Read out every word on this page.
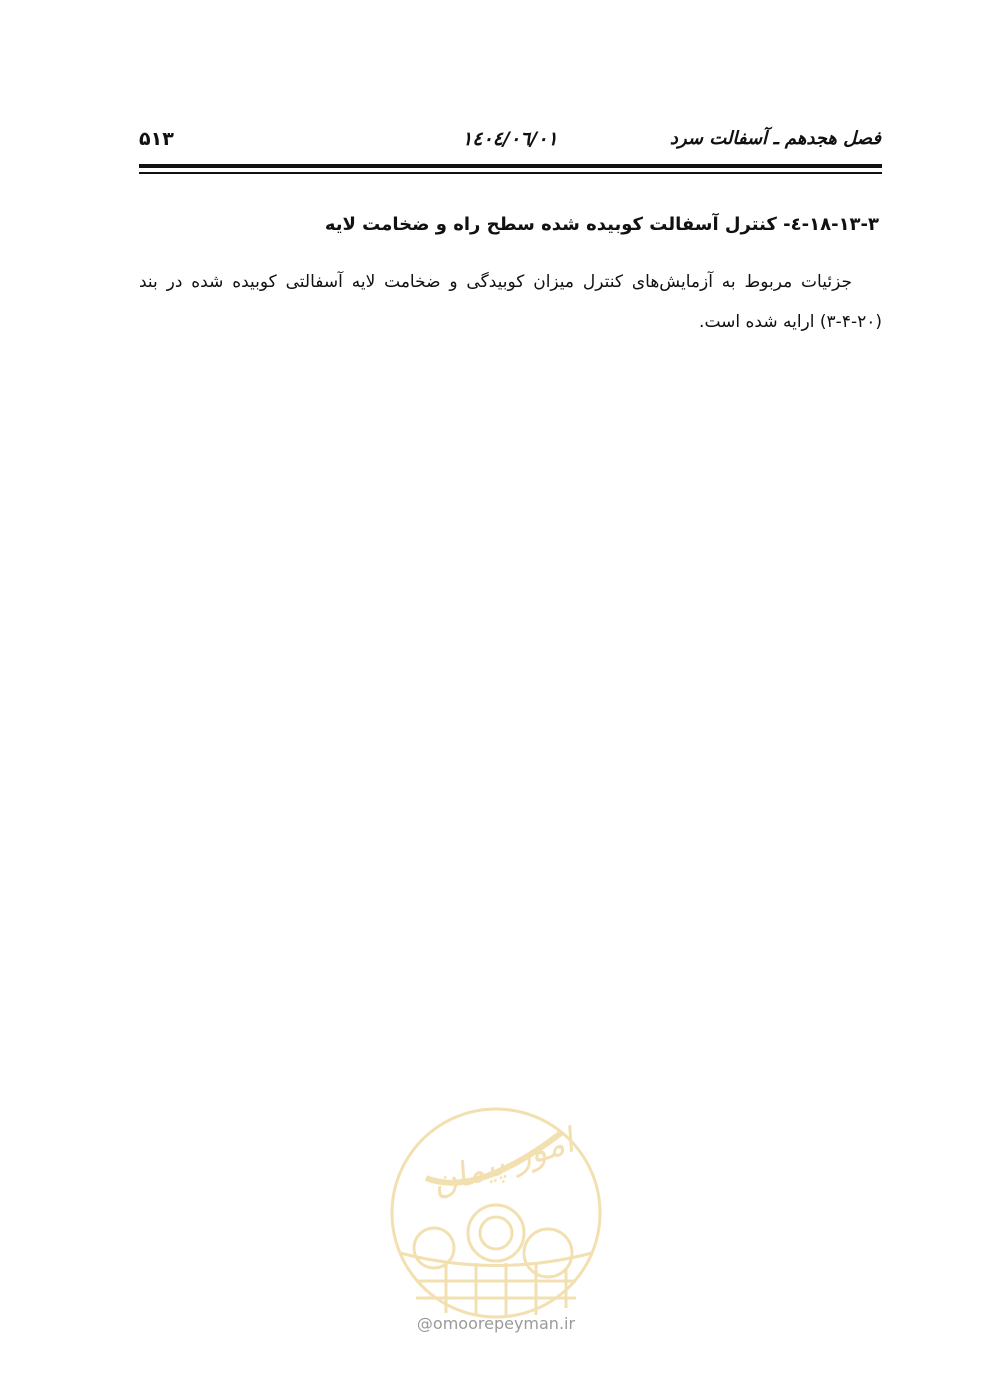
۵۱۳	۱٤۰٤/۰٦/۰۱	فصل هجدهم ـ آسفالت سرد
۱۸-۱۳-۳-٤- کنترل آسفالت کوبیده شده سطح راه و ضخامت لایه

جزئیات مربوط به آزمایش‌های کنترل میزان کوبیدگی و ضخامت لایه آسفالتی کوبیده شده در بند (۲۰-۴-۳) ارایه شده است.

امور پیمان
@omoorepeyman.ir
